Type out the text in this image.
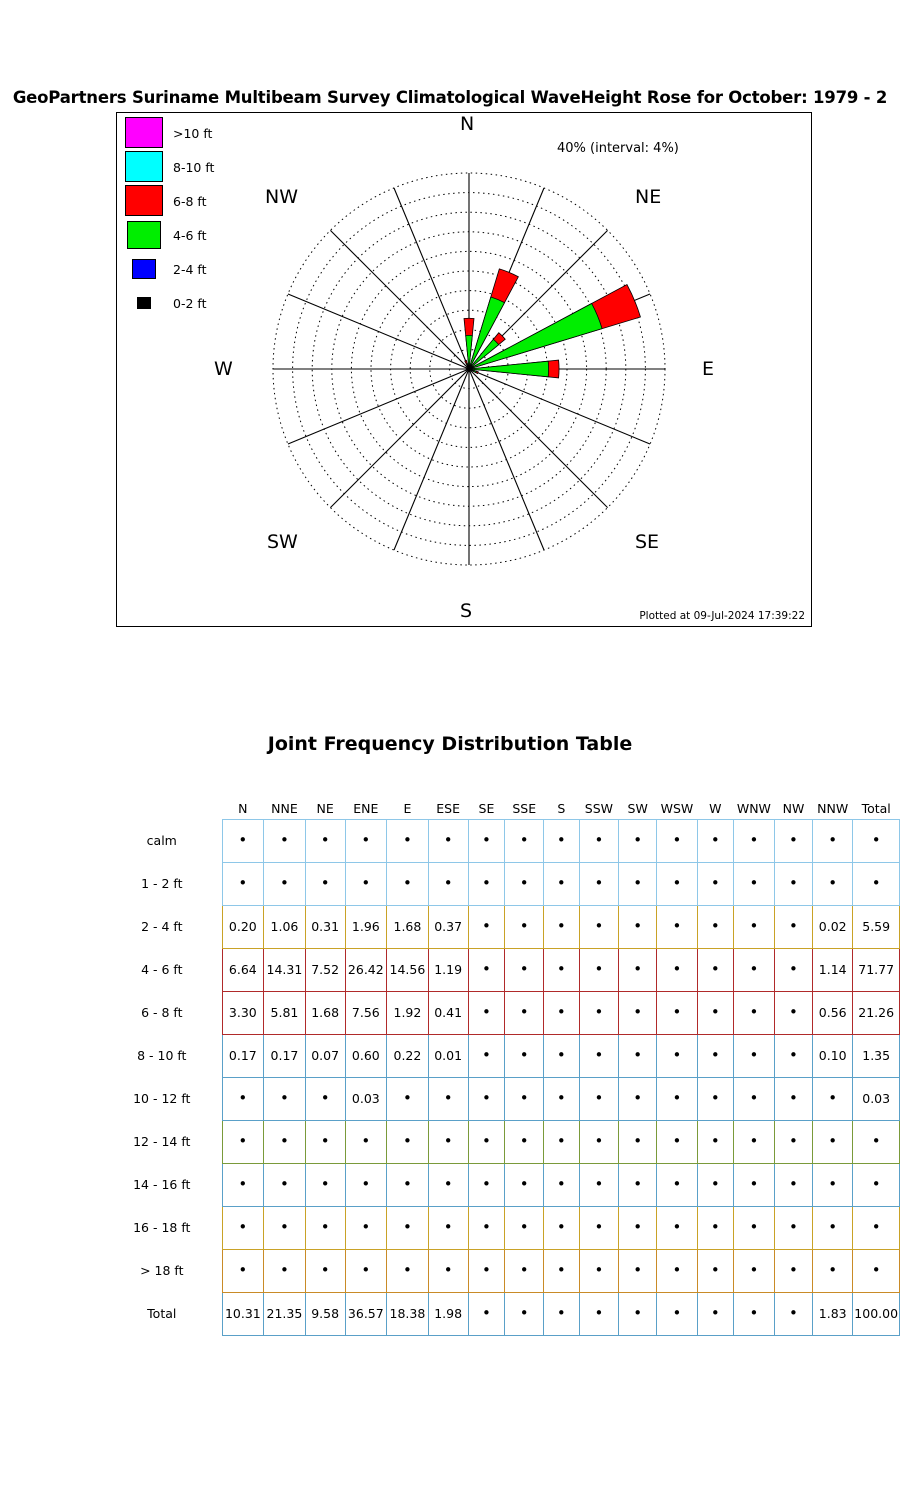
GeoPartners Suriname Multibeam Survey Climatological WaveHeight Rose for October: 1979 - 2
>10 ft
8-10 ft
6-8 ft
4-6 ft
2-4 ft
0-2 ft
40% (interval: 4%)
Plotted at 09-Jul-2024 17:39:22
N
NE
E
SE
S
SW
W
NW
Joint Frequency Distribution Table
	N	NNE	NE	ENE	E	ESE	SE	SSE	S	SSW	SW	WSW	W	WNW	NW	NNW	Total
calm	•	•	•	•	•	•	•	•	•	•	•	•	•	•	•	•	•
1 - 2 ft	•	•	•	•	•	•	•	•	•	•	•	•	•	•	•	•	•
2 - 4 ft	0.20	1.06	0.31	1.96	1.68	0.37	•	•	•	•	•	•	•	•	•	0.02	5.59
4 - 6 ft	6.64	14.31	7.52	26.42	14.56	1.19	•	•	•	•	•	•	•	•	•	1.14	71.77
6 - 8 ft	3.30	5.81	1.68	7.56	1.92	0.41	•	•	•	•	•	•	•	•	•	0.56	21.26
8 - 10 ft	0.17	0.17	0.07	0.60	0.22	0.01	•	•	•	•	•	•	•	•	•	0.10	1.35
10 - 12 ft	•	•	•	0.03	•	•	•	•	•	•	•	•	•	•	•	•	0.03
12 - 14 ft	•	•	•	•	•	•	•	•	•	•	•	•	•	•	•	•	•
14 - 16 ft	•	•	•	•	•	•	•	•	•	•	•	•	•	•	•	•	•
16 - 18 ft	•	•	•	•	•	•	•	•	•	•	•	•	•	•	•	•	•
> 18 ft	•	•	•	•	•	•	•	•	•	•	•	•	•	•	•	•	•
Total	10.31	21.35	9.58	36.57	18.38	1.98	•	•	•	•	•	•	•	•	•	1.83	100.00
